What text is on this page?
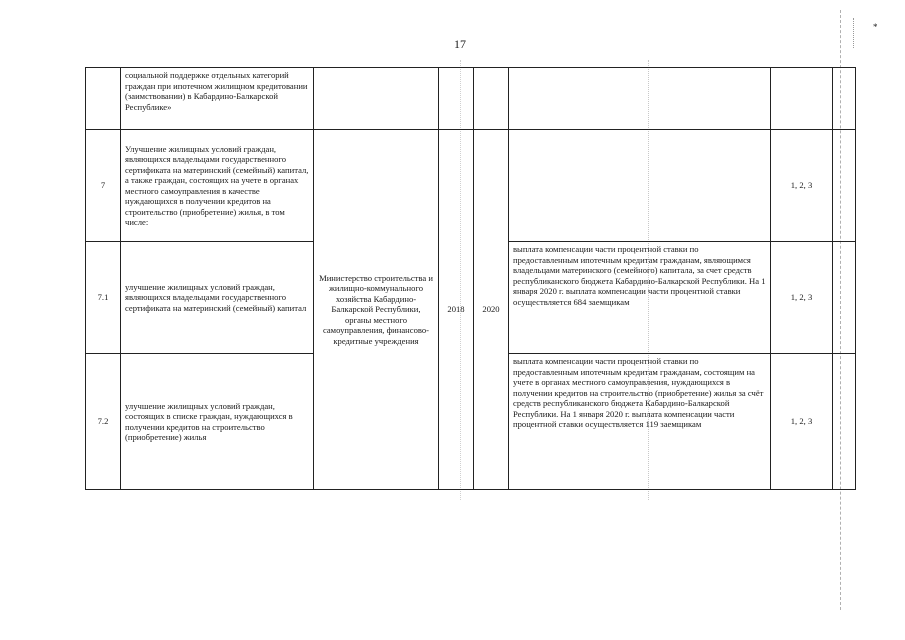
17
*
	социальной поддержке отдельных категорий граждан при ипотечном жилищном кредитовании (заимствовании) в Кабардино-Балкарской Республике»						
7	Улучшение жилищных условий граждан, являющихся владельцами государственного сертификата на материнский (семейный) капитал, а также граждан, состоящих на учете в органах местного самоуправления в качестве нуждающихся в получении кредитов на строительство (приобретение) жилья, в том числе:	Министерство строительства и жилищно-коммунального хозяйства Кабардино-Балкарской Республики, органы местного самоуправления, финансово-кредитные учреждения	2018	2020		1, 2, 3	
7.1	улучшение жилищных условий граждан, являющихся владельцами государственного сертификата на материнский (семейный) капитал				выплата компенсации части процентной ставки по предоставленным ипотечным кредитам гражданам, являющимся владельцами материнского (семейного) капитала, за счет средств республиканского бюджета Кабардино-Балкарской Республики. На 1 января 2020 г. выплата компенсации части процентной ставки осуществляется 684 заемщикам	1, 2, 3	
7.2	улучшение жилищных условий граждан, состоящих в списке граждан, нуждающихся в получении кредитов на строительство (приобретение) жилья				выплата компенсации части процентной ставки по предоставленным ипотечным кредитам гражданам, состоящим на учете в органах местного самоуправления, нуждающихся в получении кредитов на строительство (приобретение) жилья за счёт средств республиканского бюджета Кабардино-Балкарской Республики. На 1 января 2020 г. выплата компенсации части процентной ставки осуществляется 119 заемщикам	1, 2, 3	
